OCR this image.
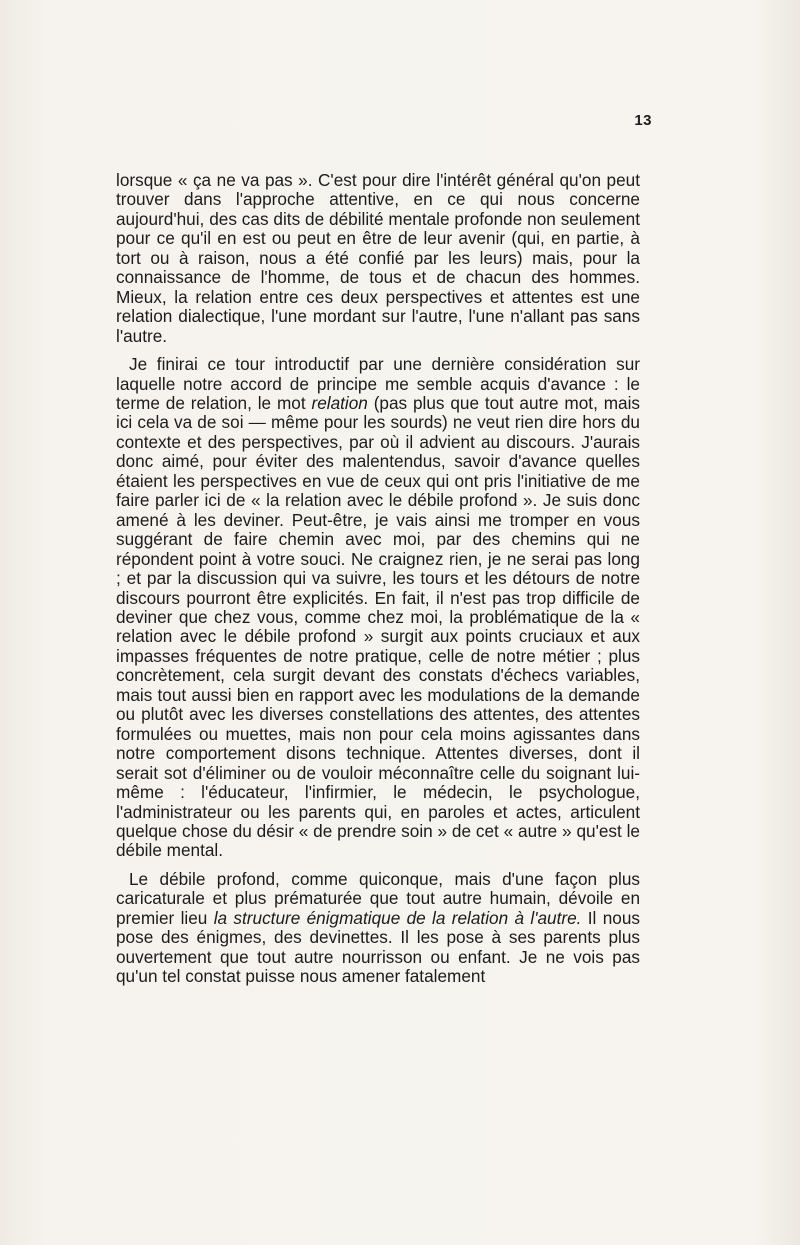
13

lorsque « ça ne va pas ». C'est pour dire l'intérêt général qu'on peut trouver dans l'approche attentive, en ce qui nous concerne aujourd'hui, des cas dits de débilité mentale profonde non seulement pour ce qu'il en est ou peut en être de leur avenir (qui, en partie, à tort ou à raison, nous a été confié par les leurs) mais, pour la connaissance de l'homme, de tous et de chacun des hommes. Mieux, la relation entre ces deux perspectives et attentes est une relation dialectique, l'une mordant sur l'autre, l'une n'allant pas sans l'autre.

Je finirai ce tour introductif par une dernière considération sur laquelle notre accord de principe me semble acquis d'avance : le terme de relation, le mot relation (pas plus que tout autre mot, mais ici cela va de soi — même pour les sourds) ne veut rien dire hors du contexte et des perspectives, par où il advient au discours. J'aurais donc aimé, pour éviter des malentendus, savoir d'avance quelles étaient les perspectives en vue de ceux qui ont pris l'initiative de me faire parler ici de « la relation avec le débile profond ». Je suis donc amené à les deviner. Peut-être, je vais ainsi me tromper en vous suggérant de faire chemin avec moi, par des chemins qui ne répondent point à votre souci. Ne craignez rien, je ne serai pas long ; et par la discussion qui va suivre, les tours et les détours de notre discours pourront être explicités. En fait, il n'est pas trop difficile de deviner que chez vous, comme chez moi, la problématique de la « relation avec le débile profond » surgit aux points cruciaux et aux impasses fréquentes de notre pratique, celle de notre métier ; plus concrètement, cela surgit devant des constats d'échecs variables, mais tout aussi bien en rapport avec les modulations de la demande ou plutôt avec les diverses constellations des attentes, des attentes formulées ou muettes, mais non pour cela moins agissantes dans notre comportement disons technique. Attentes diverses, dont il serait sot d'éliminer ou de vouloir méconnaître celle du soignant lui-même : l'éducateur, l'infirmier, le médecin, le psychologue, l'administrateur ou les parents qui, en paroles et actes, articulent quelque chose du désir « de prendre soin » de cet « autre » qu'est le débile mental.

Le débile profond, comme quiconque, mais d'une façon plus caricaturale et plus prématurée que tout autre humain, dévoile en premier lieu la structure énigmatique de la relation à l'autre. Il nous pose des énigmes, des devinettes. Il les pose à ses parents plus ouvertement que tout autre nourrisson ou enfant. Je ne vois pas qu'un tel constat puisse nous amener fatalement
